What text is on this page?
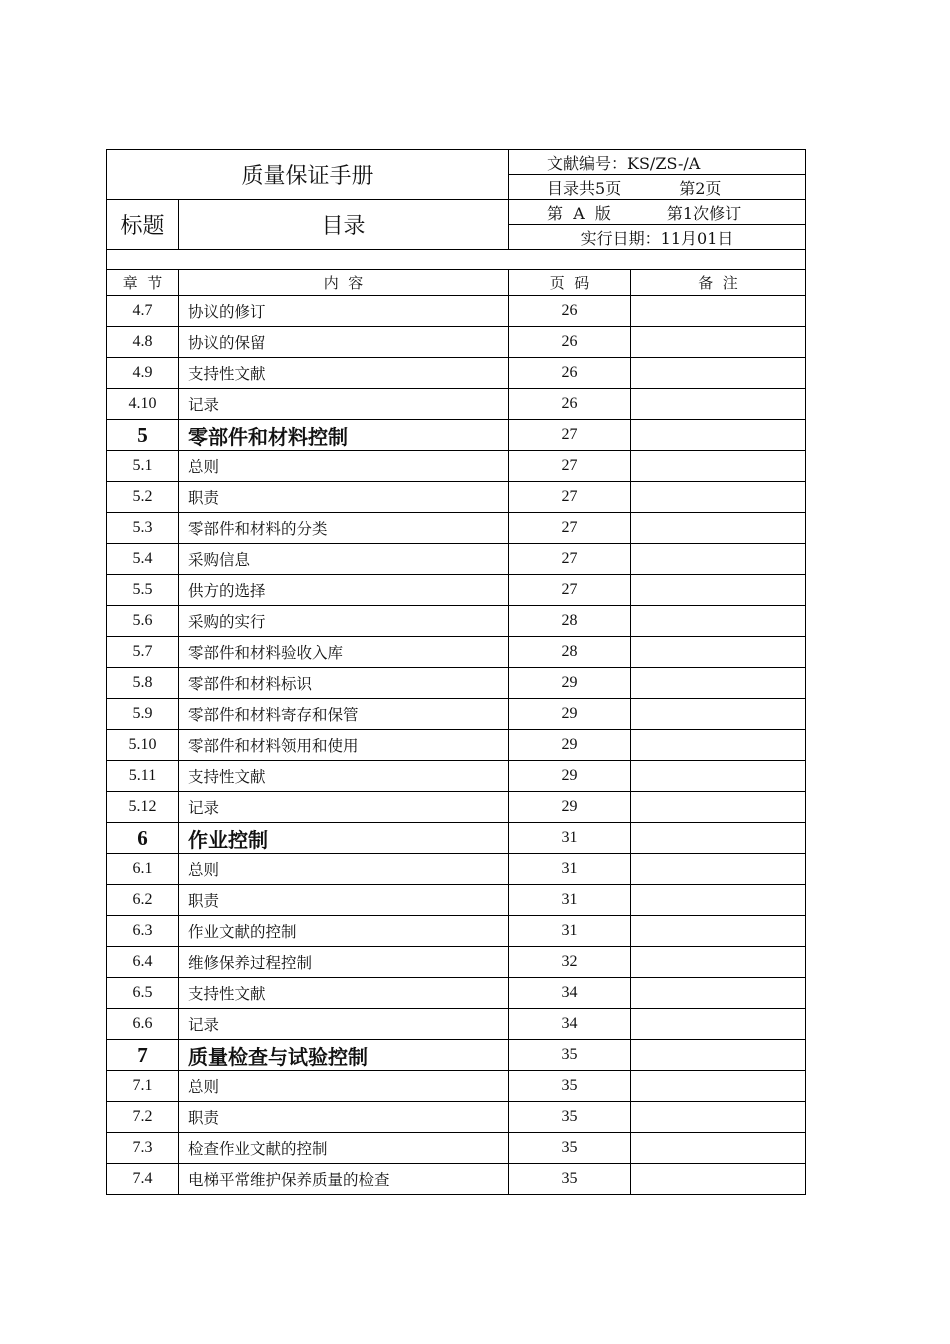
质量保证手册		文献编号：KS/ZS-/A	
		目录共5页 第2页	
标题	目录	第  A  版 第1次修订	
		实行日期：11月01日	

章  节	内  容	页  码	备  注
4.7	协议的修订	26	
4.8	协议的保留	26	
4.9	支持性文献	26	
4.10	记录	26	
5	零部件和材料控制	27	
5.1	总则	27	
5.2	职责	27	
5.3	零部件和材料的分类	27	
5.4	采购信息	27	
5.5	供方的选择	27	
5.6	采购的实行	28	
5.7	零部件和材料验收入库	28	
5.8	零部件和材料标识	29	
5.9	零部件和材料寄存和保管	29	
5.10	零部件和材料领用和使用	29	
5.11	支持性文献	29	
5.12	记录	29	
6	作业控制	31	
6.1	总则	31	
6.2	职责	31	
6.3	作业文献的控制	31	
6.4	维修保养过程控制	32	
6.5	支持性文献	34	
6.6	记录	34	
7	质量检查与试验控制	35	
7.1	总则	35	
7.2	职责	35	
7.3	检查作业文献的控制	35	
7.4	电梯平常维护保养质量的检查	35	
